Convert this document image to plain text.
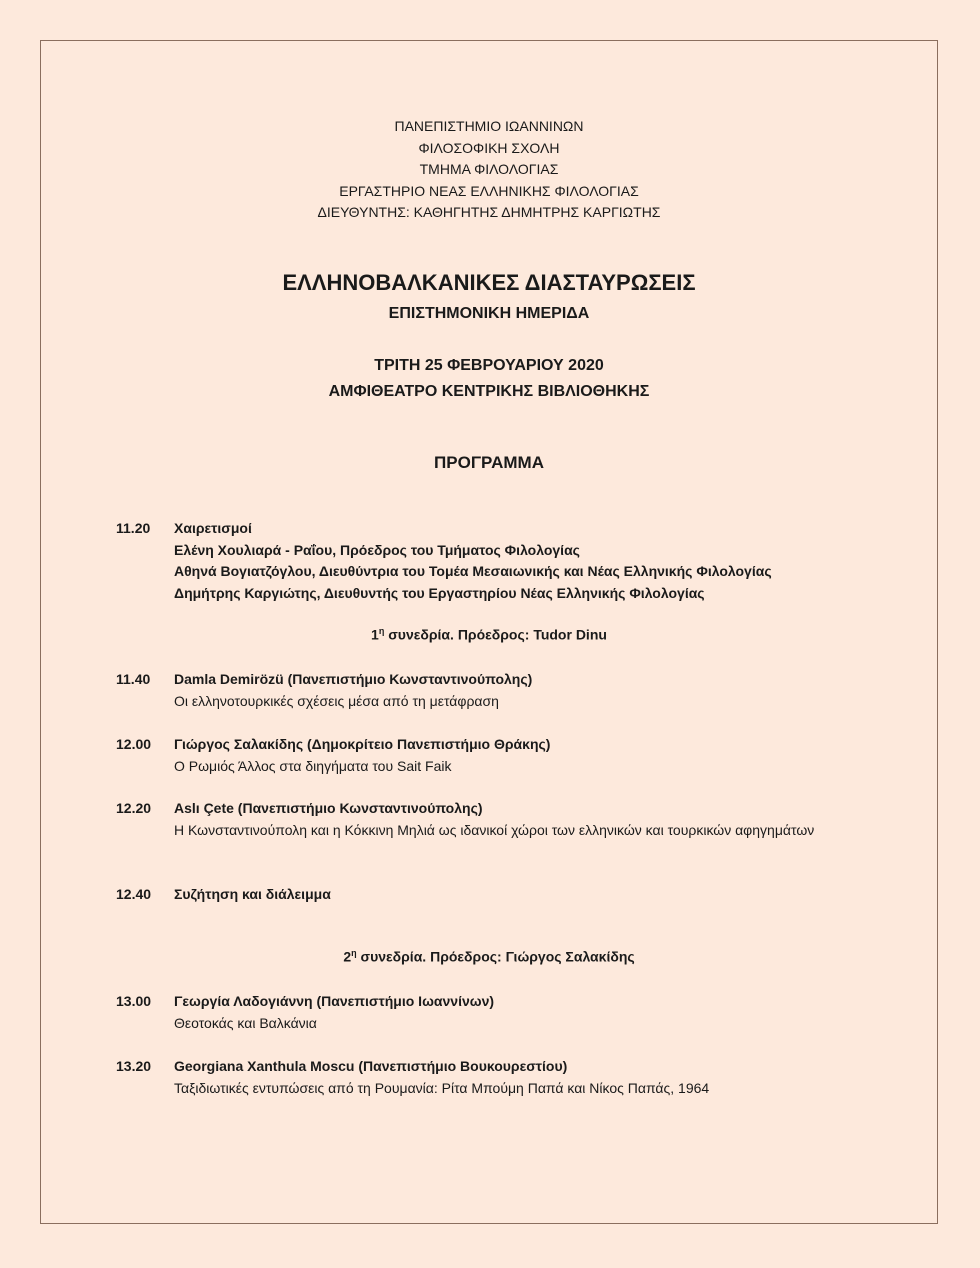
ΠΑΝΕΠΙΣΤΗΜΙΟ ΙΩΑΝΝΙΝΩΝ
ΦΙΛΟΣΟΦΙΚΗ ΣΧΟΛΗ
ΤΜΗΜΑ ΦΙΛΟΛΟΓΙΑΣ
ΕΡΓΑΣΤΗΡΙΟ ΝΕΑΣ ΕΛΛΗΝΙΚΗΣ ΦΙΛΟΛΟΓΙΑΣ
ΔΙΕΥΘΥΝΤΗΣ: ΚΑΘΗΓΗΤΗΣ ΔΗΜΗΤΡΗΣ ΚΑΡΓΙΩΤΗΣ
ΕΛΛΗΝΟΒΑΛΚΑΝΙΚΕΣ ΔΙΑΣΤΑΥΡΩΣΕΙΣ
ΕΠΙΣΤΗΜΟΝΙΚΗ ΗΜΕΡΙΔΑ
ΤΡΙΤΗ 25 ΦΕΒΡΟΥΑΡΙΟΥ 2020
ΑΜΦΙΘΕΑΤΡΟ ΚΕΝΤΡΙΚΗΣ ΒΙΒΛΙΟΘΗΚΗΣ
ΠΡΟΓΡΑΜΜΑ
11.20	Χαιρετισμοί
Ελένη Χουλιαρά - Ραΐου, Πρόεδρος του Τμήματος Φιλολογίας
Αθηνά Βογιατζόγλου, Διευθύντρια του Τομέα Μεσαιωνικής και Νέας Ελληνικής Φιλολογίας
Δημήτρης Καργιώτης, Διευθυντής του Εργαστηρίου Νέας Ελληνικής Φιλολογίας
$1^\eta$ συνεδρία. Πρόεδρος: Tudor Dinu
11.40	Damla Demirözü (Πανεπιστήμιο Κωνσταντινούπολης)
Οι ελληνοτουρκικές σχέσεις μέσα από τη μετάφραση
12.00	Γιώργος Σαλακίδης (Δημοκρίτειο Πανεπιστήμιο Θράκης)
Ο Ρωμιός Άλλος στα διηγήματα του Sait Faik
12.20	Aslı Çete (Πανεπιστήμιο Κωνσταντινούπολης)
Η Κωνσταντινούπολη και η Κόκκινη Μηλιά ως ιδανικοί χώροι των ελληνικών και τουρκικών αφηγημάτων
12.40	Συζήτηση και διάλειμμα
$2^\eta$ συνεδρία. Πρόεδρος: Γιώργος Σαλακίδης
13.00	Γεωργία Λαδογιάννη (Πανεπιστήμιο Ιωαννίνων)
Θεοτοκάς και Βαλκάνια
13.20	Georgiana Xanthula Moscu (Πανεπιστήμιο Βουκουρεστίου)
Ταξιδιωτικές εντυπώσεις από τη Ρουμανία: Ρίτα Μπούμη Παπά και Νίκος Παπάς, 1964
